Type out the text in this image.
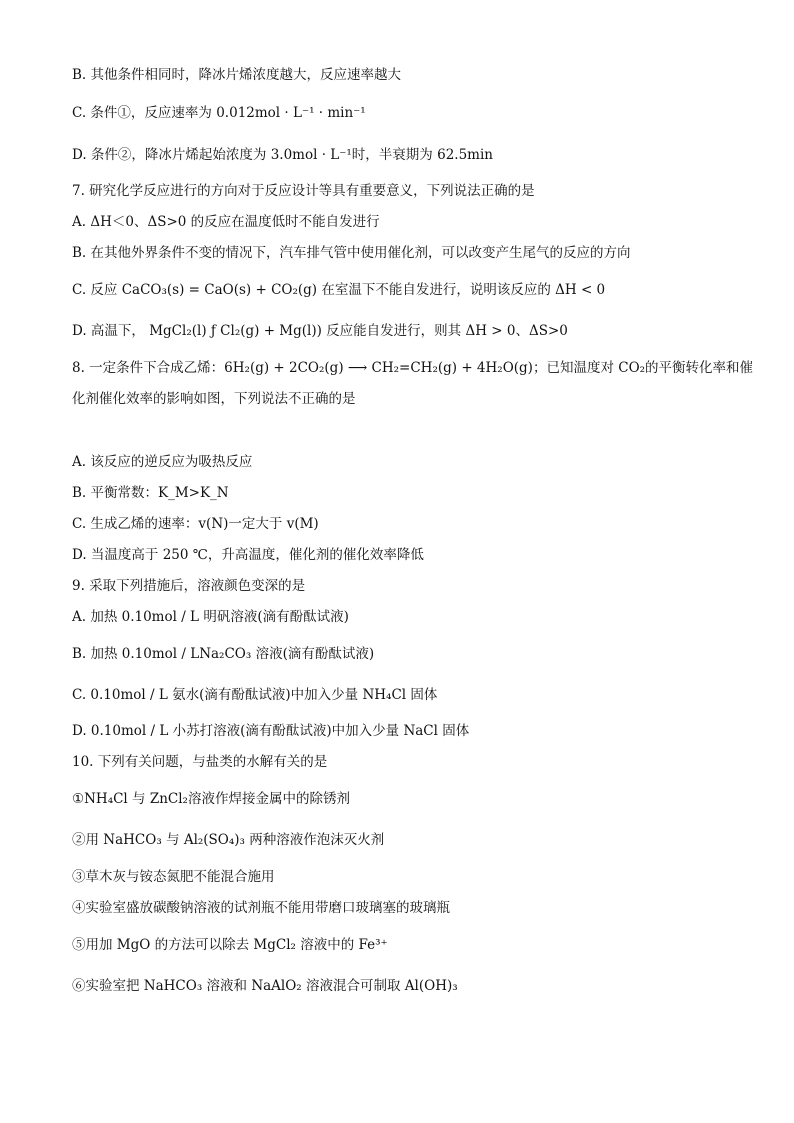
B. 其他条件相同时，降冰片烯浓度越大，反应速率越大
C. 条件①，反应速率为 0.012mol · L⁻¹ · min⁻¹
D. 条件②，降冰片烯起始浓度为 3.0mol · L⁻¹时，半衰期为 62.5min
7. 研究化学反应进行的方向对于反应设计等具有重要意义，下列说法正确的是
A. ΔH＜0、ΔS>0 的反应在温度低时不能自发进行
B. 在其他外界条件不变的情况下，汽车排气管中使用催化剂，可以改变产生尾气的反应的方向
C. 反应 CaCO₃(s) = CaO(s) + CO₂(g) 在室温下不能自发进行，说明该反应的 ΔH < 0
D. 高温下， MgCl₂(l) ƒ Cl₂(g) + Mg(l)) 反应能自发进行，则其 ΔH > 0、ΔS>0
8. 一定条件下合成乙烯：6H₂(g) + 2CO₂(g) ⟶ CH₂=CH₂(g) + 4H₂O(g)；已知温度对 CO₂的平衡转化率和催
化剂催化效率的影响如图，下列说法不正确的是
A. 该反应的逆反应为吸热反应
B. 平衡常数：K_M>K_N
C. 生成乙烯的速率：v(N)一定大于 v(M)
D. 当温度高于 250 ℃，升高温度，催化剂的催化效率降低
9. 采取下列措施后，溶液颜色变深的是
A. 加热 0.10mol / L 明矾溶液(滴有酚酞试液)
B. 加热 0.10mol / LNa₂CO₃ 溶液(滴有酚酞试液)
C. 0.10mol / L 氨水(滴有酚酞试液)中加入少量 NH₄Cl 固体
D. 0.10mol / L 小苏打溶液(滴有酚酞试液)中加入少量 NaCl 固体
10. 下列有关问题，与盐类的水解有关的是
①NH₄Cl 与 ZnCl₂溶液作焊接金属中的除锈剂
②用 NaHCO₃ 与 Al₂(SO₄)₃ 两种溶液作泡沫灭火剂
③草木灰与铵态氮肥不能混合施用
④实验室盛放碳酸钠溶液的试剂瓶不能用带磨口玻璃塞的玻璃瓶
⑤用加 MgO 的方法可以除去 MgCl₂ 溶液中的 Fe³⁺
⑥实验室把 NaHCO₃ 溶液和 NaAlO₂ 溶液混合可制取 Al(OH)₃
